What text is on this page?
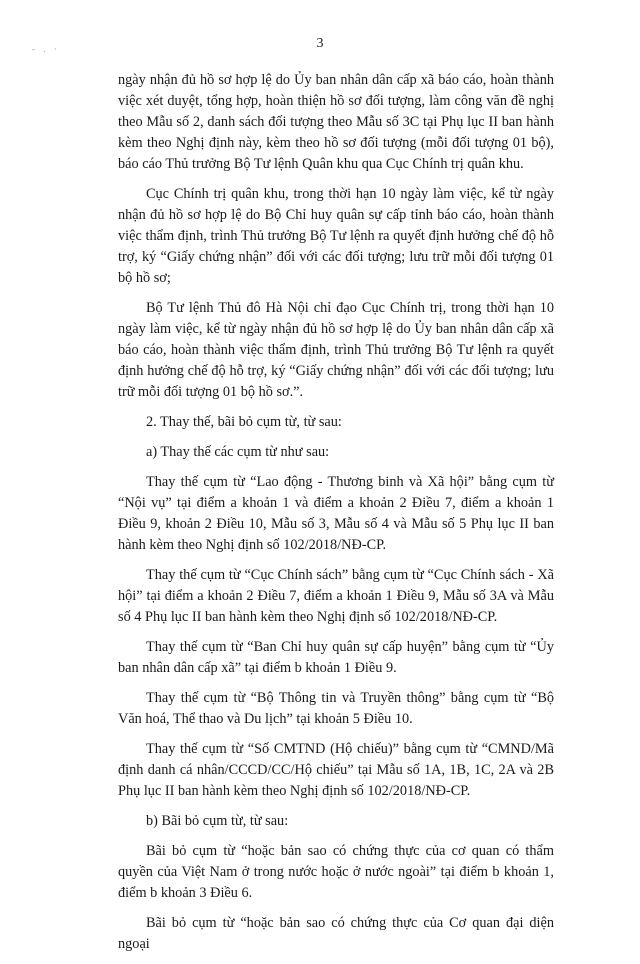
- . ·	3

ngày nhận đủ hồ sơ hợp lệ do Ủy ban nhân dân cấp xã báo cáo, hoàn thành việc xét duyệt, tổng hợp, hoàn thiện hồ sơ đối tượng, làm công văn đề nghị theo Mẫu số 2, danh sách đối tượng theo Mẫu số 3C tại Phụ lục II ban hành kèm theo Nghị định này, kèm theo hồ sơ đối tượng (mỗi đối tượng 01 bộ), báo cáo Thủ trưởng Bộ Tư lệnh Quân khu qua Cục Chính trị quân khu.

Cục Chính trị quân khu, trong thời hạn 10 ngày làm việc, kể từ ngày nhận đủ hồ sơ hợp lệ do Bộ Chỉ huy quân sự cấp tỉnh báo cáo, hoàn thành việc thẩm định, trình Thủ trưởng Bộ Tư lệnh ra quyết định hưởng chế độ hỗ trợ, ký “Giấy chứng nhận” đối với các đối tượng; lưu trữ mỗi đối tượng 01 bộ hồ sơ;

Bộ Tư lệnh Thủ đô Hà Nội chỉ đạo Cục Chính trị, trong thời hạn 10 ngày làm việc, kể từ ngày nhận đủ hồ sơ hợp lệ do Ủy ban nhân dân cấp xã báo cáo, hoàn thành việc thẩm định, trình Thủ trưởng Bộ Tư lệnh ra quyết định hưởng chế độ hỗ trợ, ký “Giấy chứng nhận” đối với các đối tượng; lưu trữ mỗi đối tượng 01 bộ hồ sơ.”.

2. Thay thế, bãi bỏ cụm từ, từ sau:

a) Thay thế các cụm từ như sau:

Thay thế cụm từ “Lao động - Thương binh và Xã hội” bằng cụm từ “Nội vụ” tại điểm a khoản 1 và điểm a khoản 2 Điều 7, điểm a khoản 1 Điều 9, khoản 2 Điều 10, Mẫu số 3, Mẫu số 4 và Mẫu số 5 Phụ lục II ban hành kèm theo Nghị định số 102/2018/NĐ-CP.

Thay thế cụm từ “Cục Chính sách” bằng cụm từ “Cục Chính sách - Xã hội” tại điểm a khoản 2 Điều 7, điểm a khoản 1 Điều 9, Mẫu số 3A và Mẫu số 4 Phụ lục II ban hành kèm theo Nghị định số 102/2018/NĐ-CP.

Thay thế cụm từ “Ban Chỉ huy quân sự cấp huyện” bằng cụm từ “Ủy ban nhân dân cấp xã” tại điểm b khoản 1 Điều 9.

Thay thế cụm từ “Bộ Thông tin và Truyền thông” bằng cụm từ “Bộ Văn hoá, Thể thao và Du lịch” tại khoản 5 Điều 10.

Thay thế cụm từ “Số CMTND (Hộ chiếu)” bằng cụm từ “CMND/Mã định danh cá nhân/CCCD/CC/Hộ chiếu” tại Mẫu số 1A, 1B, 1C, 2A và 2B Phụ lục II ban hành kèm theo Nghị định số 102/2018/NĐ-CP.

b) Bãi bỏ cụm từ, từ sau:

Bãi bỏ cụm từ “hoặc bản sao có chứng thực của cơ quan có thẩm quyền của Việt Nam ở trong nước hoặc ở nước ngoài” tại điểm b khoản 1, điểm b khoản 3 Điều 6.

Bãi bỏ cụm từ “hoặc bản sao có chứng thực của Cơ quan đại diện ngoại
